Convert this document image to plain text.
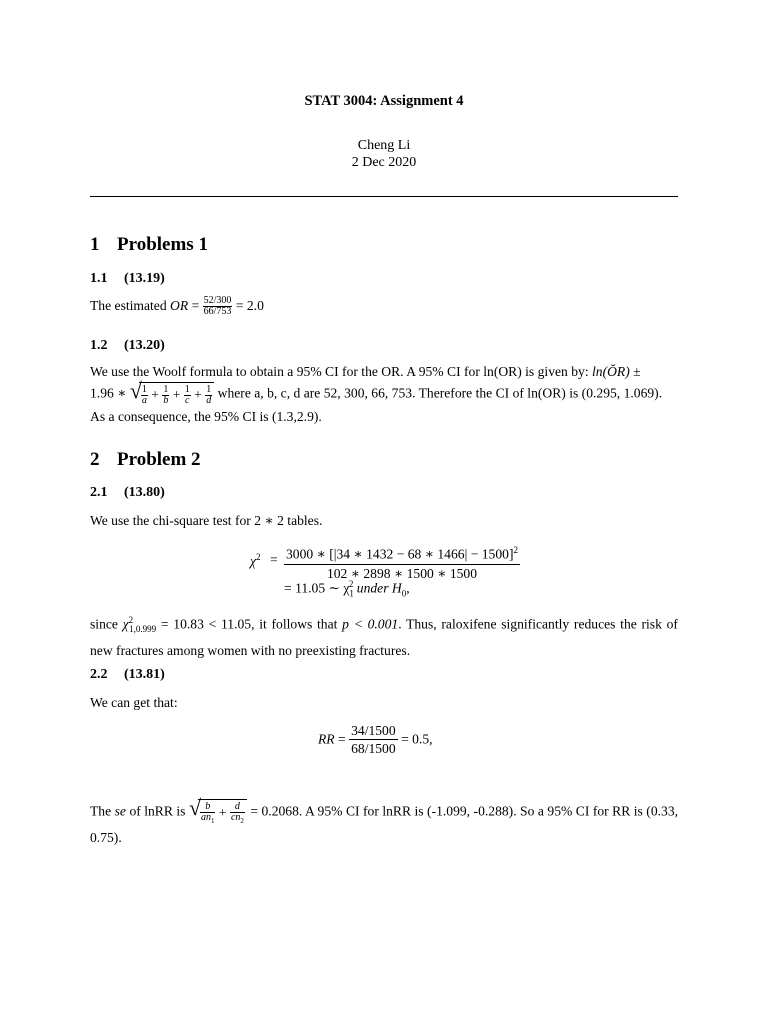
STAT 3004: Assignment 4
Cheng Li
2 Dec 2020
1 Problems 1
1.1 (13.19)
The estimated OR = $\frac{52/300}{66/753} = 2.0$
1.2 (13.20)
We use the Woolf formula to obtain a 95% CI for the OR. A 95% CI for ln(OR) is given by: ln(ŎR) ±
1.96 ∗ √
$\frac{1}{a} + \frac{1}{b} + \frac{1}{c} + \frac{1}{d}$ where a, b, c, d are 52, 300, 66, 753. Therefore the CI of ln(OR) is (0.295, 1.069).
As a consequence, the 95% CI is (1.3,2.9).
2 Problem 2
2.1 (13.80)
We use the chi-square test for 2 ∗ 2 tables.
$\chi^2 = 3000$ ∗ [|34 ∗ 1432 − 68 ∗ 1466| − 1500]$^2$
102 ∗ 2898 ∗ 1500 ∗ 1500
= 11.05 ∼ $\chi_1^2$ under $H_0$,
since $\chi^2_{1,0.999} = 10.83 < 11.05$, it follows that p < 0.001. Thus, raloxifene significantly reduces the risk of new fractures among women with no preexisting fractures.
2.2 (13.81)
We can get that:
RR = $\frac{34/1500}{68/1500} = 0.5$,
The se of lnRR is √
$\frac{b}{an_1} + \frac{d}{cn_2} = 0.2068$. A 95% CI for lnRR is (-1.099, -0.288). So a 95% CI for RR is (0.33, 0.75).
